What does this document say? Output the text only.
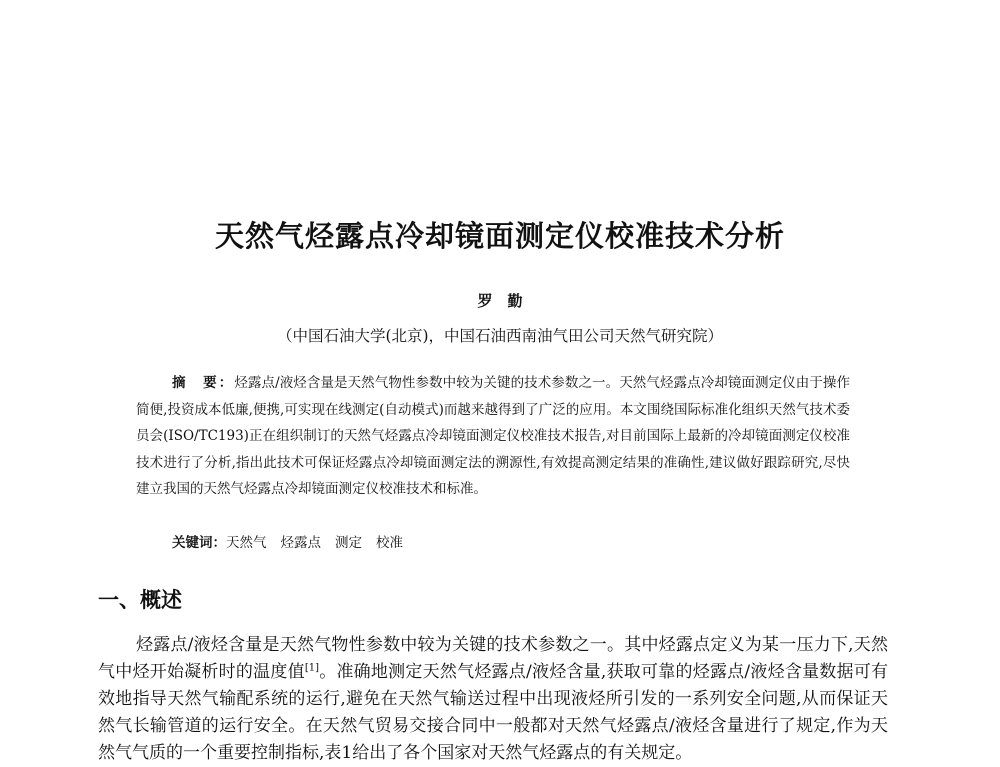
天然气烃露点冷却镜面测定仪校准技术分析
罗　勤
（中国石油大学(北京)，中国石油西南油气田公司天然气研究院）

摘　要：烃露点/液烃含量是天然气物性参数中较为关键的技术参数之一。天然气烃露点冷却镜面测定仪由于操作简便,投资成本低廉,便携,可实现在线测定(自动模式)而越来越得到了广泛的应用。本文围绕国际标准化组织天然气技术委员会(ISO/TC193)正在组织制订的天然气烃露点冷却镜面测定仪校准技术报告,对目前国际上最新的冷却镜面测定仪校准技术进行了分析,指出此技术可保证烃露点冷却镜面测定法的溯源性,有效提高测定结果的准确性,建议做好跟踪研究,尽快建立我国的天然气烃露点冷却镜面测定仪校准技术和标准。

关键词：天然气 烃露点 测定 校准
一、概述

烃露点/液烃含量是天然气物性参数中较为关键的技术参数之一。其中烃露点定义为某一压力下,天然气中烃开始凝析时的温度值[1]。准确地测定天然气烃露点/液烃含量,获取可靠的烃露点/液烃含量数据可有效地指导天然气输配系统的运行,避免在天然气输送过程中出现液烃所引发的一系列安全问题,从而保证天然气长输管道的运行安全。在天然气贸易交接合同中一般都对天然气烃露点/液烃含量进行了规定,作为天然气气质的一个重要控制指标,表1给出了各个国家对天然气烃露点的有关规定。
